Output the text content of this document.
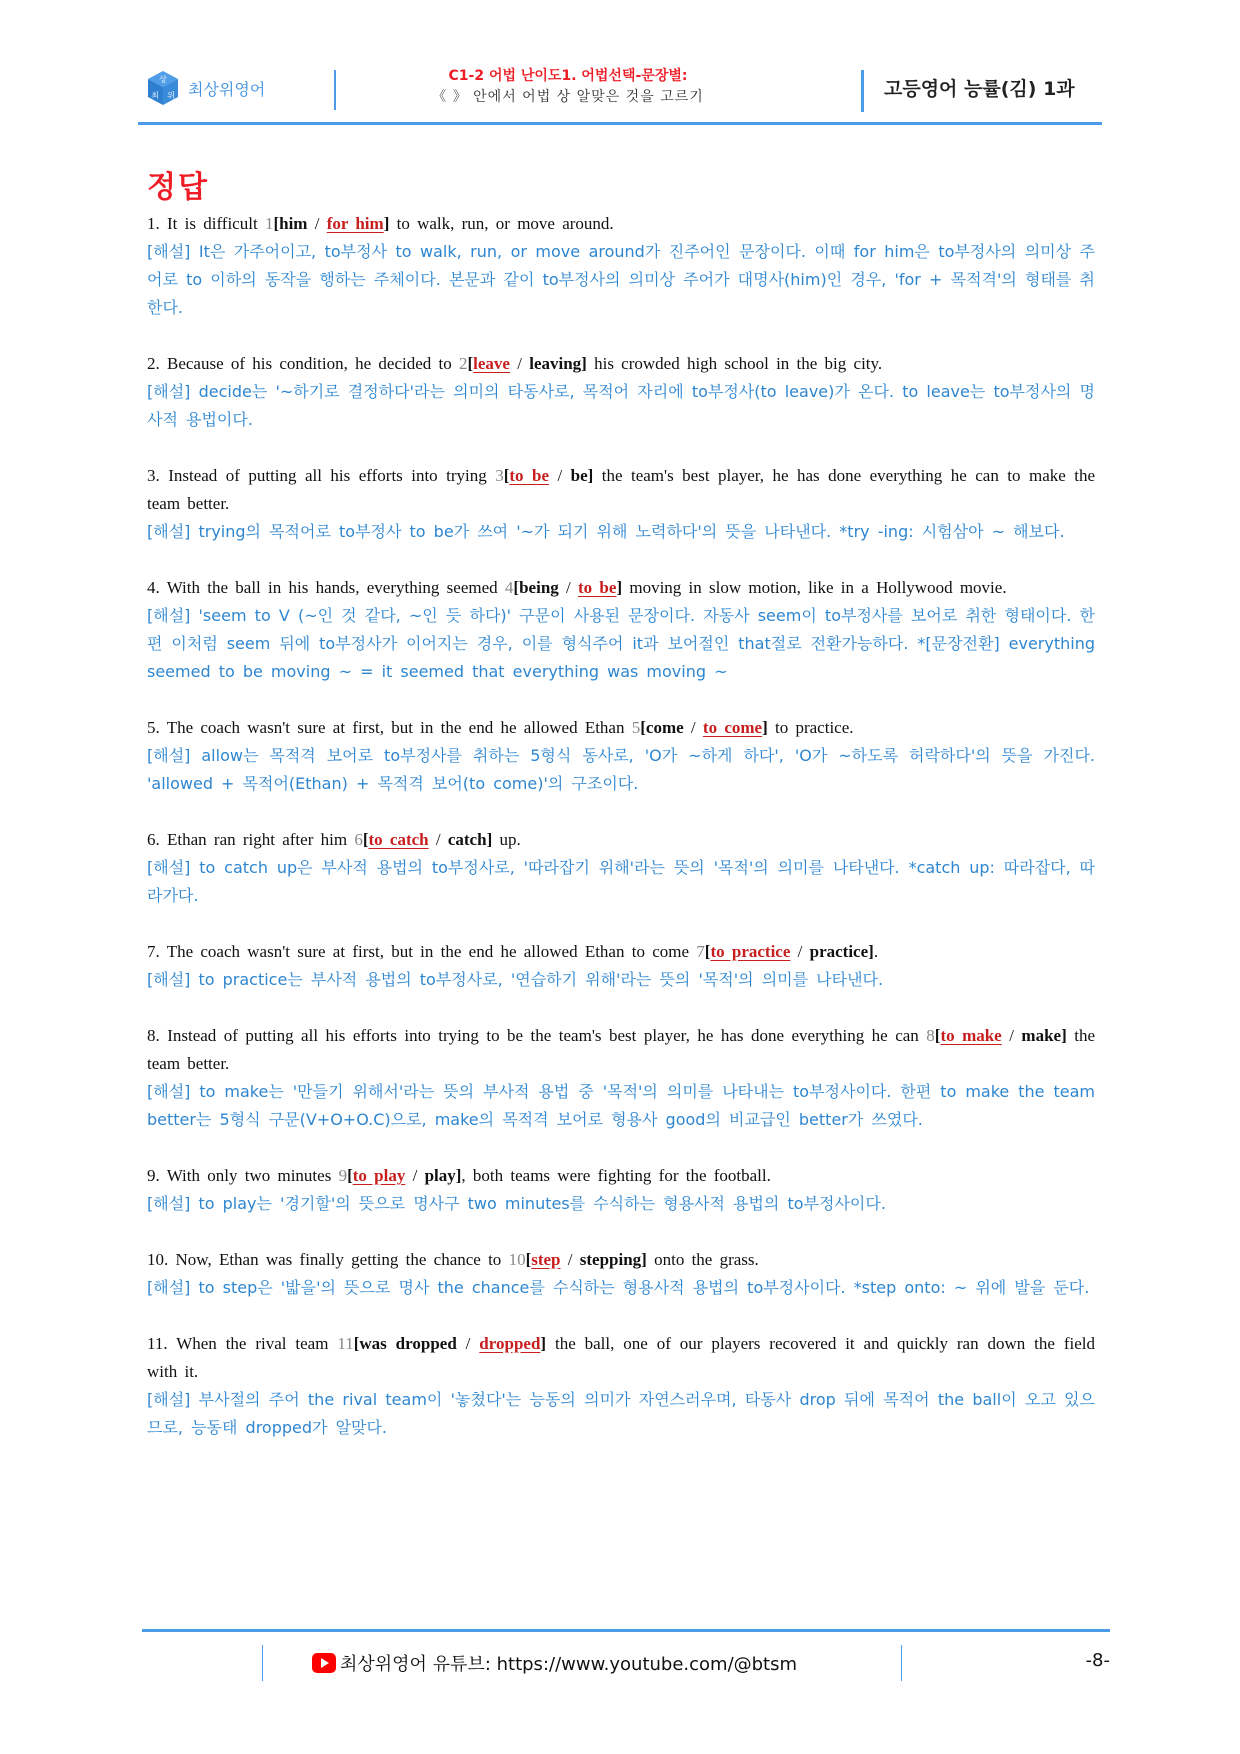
상
최 위 최상위영어
C1-2 어법 난이도1. 어법선택-문장별:
《 》 안에서 어법 상 알맞은 것을 고르기	고등영어 능률(김) 1과
정답
1. It is difficult 1[him / for him] to walk, run, or move around.
[해설] It은 가주어이고, to부정사 to walk, run, or move around가 진주어인 문장이다. 이때 for him은 to부정사의 의미상 주어로 to 이하의 동작을 행하는 주체이다. 본문과 같이 to부정사의 의미상 주어가 대명사(him)인 경우, 'for + 목적격'의 형태를 취한다.
2. Because of his condition, he decided to 2[leave / leaving] his crowded high school in the big city.
[해설] decide는 '~하기로 결정하다'라는 의미의 타동사로, 목적어 자리에 to부정사(to leave)가 온다. to leave는 to부정사의 명사적 용법이다.
3. Instead of putting all his efforts into trying 3[to be / be] the team's best player, he has done everything he can to make the team better.
[해설] trying의 목적어로 to부정사 to be가 쓰여 '~가 되기 위해 노력하다'의 뜻을 나타낸다. *try -ing: 시험삼아 ~ 해보다.
4. With the ball in his hands, everything seemed 4[being / to be] moving in slow motion, like in a Hollywood movie.
[해설] 'seem to V (~인 것 같다, ~인 듯 하다)' 구문이 사용된 문장이다. 자동사 seem이 to부정사를 보어로 취한 형태이다. 한편 이처럼 seem 뒤에 to부정사가 이어지는 경우, 이를 형식주어 it과 보어절인 that절로 전환가능하다. *[문장전환] everything seemed to be moving ~ = it seemed that everything was moving ~
5. The coach wasn't sure at first, but in the end he allowed Ethan 5[come / to come] to practice.
[해설] allow는 목적격 보어로 to부정사를 취하는 5형식 동사로, 'O가 ~하게 하다', 'O가 ~하도록 허락하다'의 뜻을 가진다. 'allowed + 목적어(Ethan) + 목적격 보어(to come)'의 구조이다.
6. Ethan ran right after him 6[to catch / catch] up.
[해설] to catch up은 부사적 용법의 to부정사로, '따라잡기 위해'라는 뜻의 '목적'의 의미를 나타낸다. *catch up: 따라잡다, 따라가다.
7. The coach wasn't sure at first, but in the end he allowed Ethan to come 7[to practice / practice].
[해설] to practice는 부사적 용법의 to부정사로, '연습하기 위해'라는 뜻의 '목적'의 의미를 나타낸다.
8. Instead of putting all his efforts into trying to be the team's best player, he has done everything he can 8[to make / make] the team better.
[해설] to make는 '만들기 위해서'라는 뜻의 부사적 용법 중 '목적'의 의미를 나타내는 to부정사이다. 한편 to make the team better는 5형식 구문(V+O+O.C)으로, make의 목적격 보어로 형용사 good의 비교급인 better가 쓰였다.
9. With only two minutes 9[to play / play], both teams were fighting for the football.
[해설] to play는 '경기할'의 뜻으로 명사구 two minutes를 수식하는 형용사적 용법의 to부정사이다.
10. Now, Ethan was finally getting the chance to 10[step / stepping] onto the grass.
[해설] to step은 '밟을'의 뜻으로 명사 the chance를 수식하는 형용사적 용법의 to부정사이다. *step onto: ~ 위에 발을 둔다.
11. When the rival team 11[was dropped / dropped] the ball, one of our players recovered it and quickly ran down the field with it.
[해설] 부사절의 주어 the rival team이 '놓쳤다'는 능동의 의미가 자연스러우며, 타동사 drop 뒤에 목적어 the ball이 오고 있으므로, 능동태 dropped가 알맞다.
최상위영어 유튜브: https://www.youtube.com/@btsm	-8-
